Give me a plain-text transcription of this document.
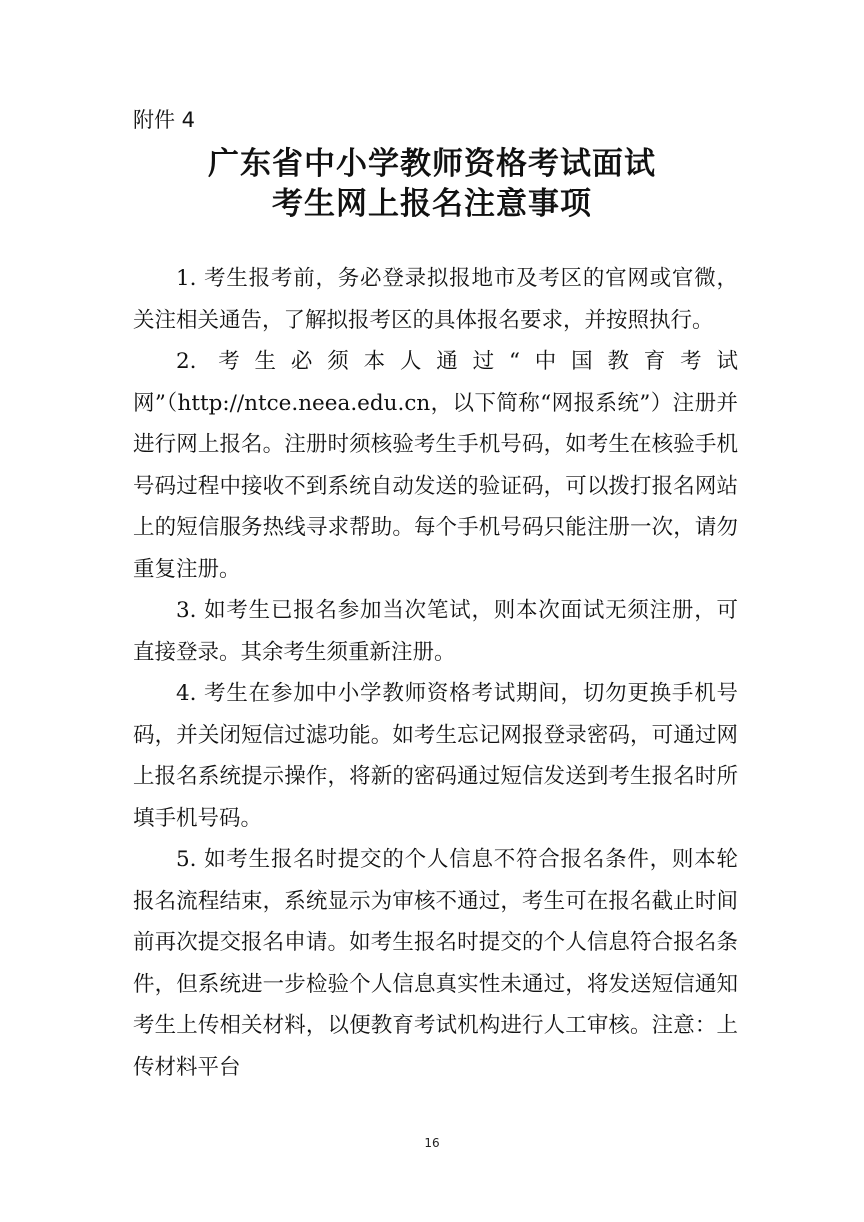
附件 4
广东省中小学教师资格考试面试
考生网上报名注意事项

1. 考生报考前，务必登录拟报地市及考区的官网或官微，关注相关通告，了解拟报考区的具体报名要求，并按照执行。

2. 考生必须本人通过“中国教育考试网”（http://ntce.neea.edu.cn，以下简称“网报系统”）注册并进行网上报名。注册时须核验考生手机号码，如考生在核验手机号码过程中接收不到系统自动发送的验证码，可以拨打报名网站上的短信服务热线寻求帮助。每个手机号码只能注册一次，请勿重复注册。

3. 如考生已报名参加当次笔试，则本次面试无须注册，可直接登录。其余考生须重新注册。

4. 考生在参加中小学教师资格考试期间，切勿更换手机号码，并关闭短信过滤功能。如考生忘记网报登录密码，可通过网上报名系统提示操作，将新的密码通过短信发送到考生报名时所填手机号码。

5. 如考生报名时提交的个人信息不符合报名条件，则本轮报名流程结束，系统显示为审核不通过，考生可在报名截止时间前再次提交报名申请。如考生报名时提交的个人信息符合报名条件，但系统进一步检验个人信息真实性未通过，将发送短信通知考生上传相关材料，以便教育考试机构进行人工审核。注意：上传材料平台

16
